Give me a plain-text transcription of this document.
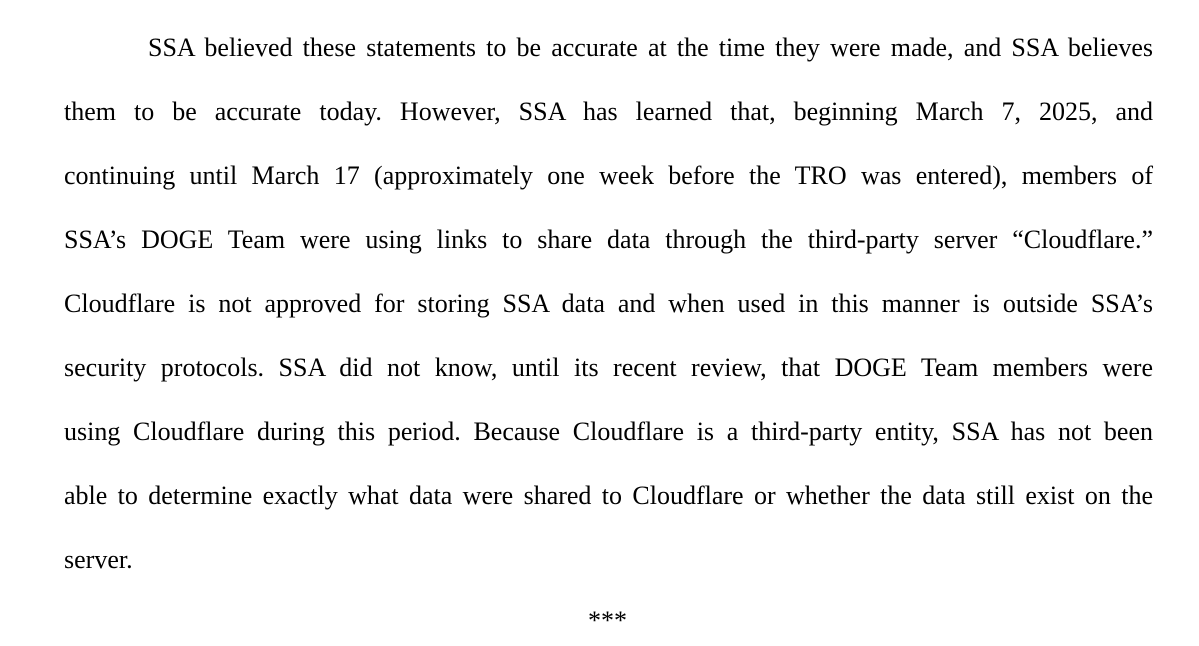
SSA believed these statements to be accurate at the time they were made, and SSA believes
them to be accurate today. However, SSA has learned that, beginning March 7, 2025, and
continuing until March 17 (approximately one week before the TRO was entered), members of
SSA’s DOGE Team were using links to share data through the third-party server “Cloudflare.”
Cloudflare is not approved for storing SSA data and when used in this manner is outside SSA’s
security protocols. SSA did not know, until its recent review, that DOGE Team members were
using Cloudflare during this period. Because Cloudflare is a third-party entity, SSA has not been
able to determine exactly what data were shared to Cloudflare or whether the data still exist on the
server.
***
